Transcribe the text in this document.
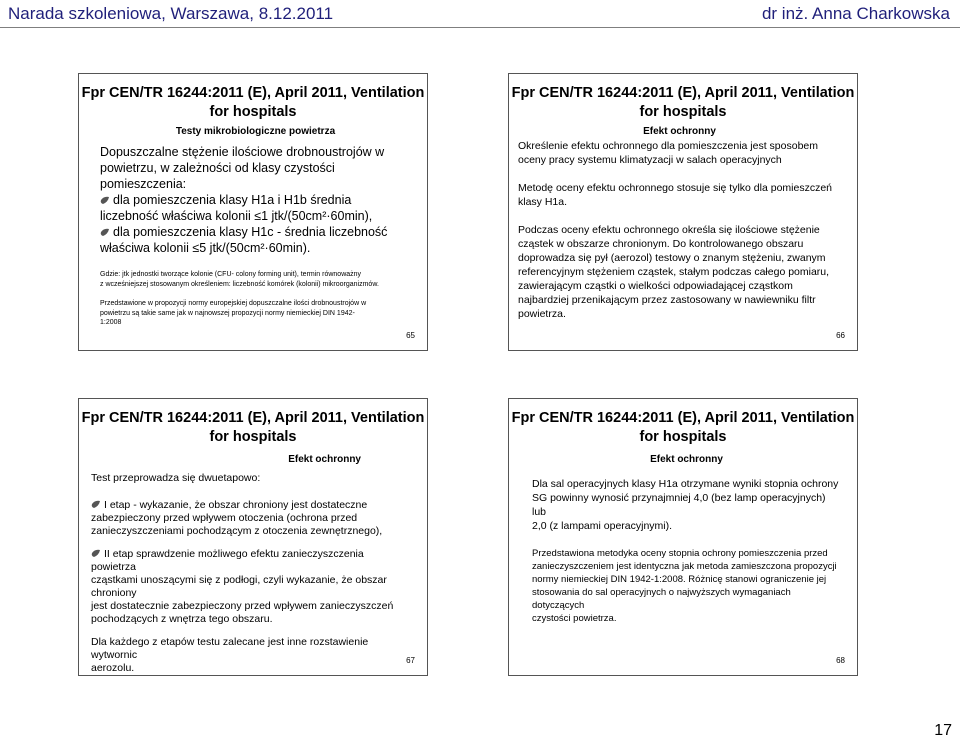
Narada szkoleniowa, Warszawa, 8.12.2011	dr inż. Anna Charkowska
Fpr CEN/TR 16244:2011 (E), April 2011, Ventilation
for hospitals
Testy mikrobiologiczne powietrza

Dopuszczalne stężenie ilościowe drobnoustrojów w

powietrzu, w zależności od klasy czystości

pomieszczenia:

dla pomieszczenia klasy H1a i H1b średnia

liczebność właściwa kolonii ≤1 jtk/(50cm²·60min),

dla pomieszczenia klasy H1c - średnia liczebność

właściwa kolonii ≤5 jtk/(50cm²·60min).

Gdzie: jtk jednostki tworzące kolonie (CFU- colony forming unit), termin równoważny

z wcześniejszej stosowanym określeniem: liczebność komórek (kolonii) mikroorganizmów.

Przedstawione w propozycji normy europejskiej dopuszczalne ilości drobnoustrojów w

powietrzu są takie same jak w najnowszej propozycji normy niemieckiej DIN 1942-

1:2008

65
Fpr CEN/TR 16244:2011 (E), April 2011, Ventilation
for hospitals
Efekt ochronny

Określenie efektu ochronnego dla pomieszczenia jest sposobem

oceny pracy systemu klimatyzacji w salach operacyjnych

Metodę oceny efektu ochronnego stosuje się tylko dla pomieszczeń

klasy H1a.

Podczas oceny efektu ochronnego określa się ilościowe stężenie

cząstek w obszarze chronionym. Do kontrolowanego obszaru

doprowadza się pył (aerozol) testowy o znanym stężeniu, zwanym

referencyjnym stężeniem cząstek, stałym podczas całego pomiaru,

zawierającym cząstki o wielkości odpowiadającej cząstkom

najbardziej przenikającym przez zastosowany w nawiewniku filtr

powietrza.

66
Fpr CEN/TR 16244:2011 (E), April 2011, Ventilation
for hospitals
Efekt ochronny
Test przeprowadza się dwuetapowo:

I etap - wykazanie, że obszar chroniony jest dostateczne

zabezpieczony przed wpływem otoczenia (ochrona przed

zanieczyszczeniami pochodzącym z otoczenia zewnętrznego),

II etap sprawdzenie możliwego efektu zanieczyszczenia powietrza

cząstkami unoszącymi się z podłogi, czyli wykazanie, że obszar chroniony

jest dostatecznie zabezpieczony przed wpływem zanieczyszczeń

pochodzących z wnętrza tego obszaru.

Dla każdego z etapów testu zalecane jest inne rozstawienie wytwornic

aerozolu.

67
Fpr CEN/TR 16244:2011 (E), April 2011, Ventilation
for hospitals
Efekt ochronny

Dla sal operacyjnych klasy H1a otrzymane wyniki stopnia ochrony

SG powinny wynosić przynajmniej 4,0 (bez lamp operacyjnych) lub

2,0 (z lampami operacyjnymi).

Przedstawiona metodyka oceny stopnia ochrony pomieszczenia przed

zanieczyszczeniem jest identyczna jak metoda zamieszczona propozycji

normy niemieckiej DIN 1942-1:2008. Różnicę stanowi ograniczenie jej

stosowania do sal operacyjnych o najwyższych wymaganiach dotyczących

czystości powietrza.

68
17
